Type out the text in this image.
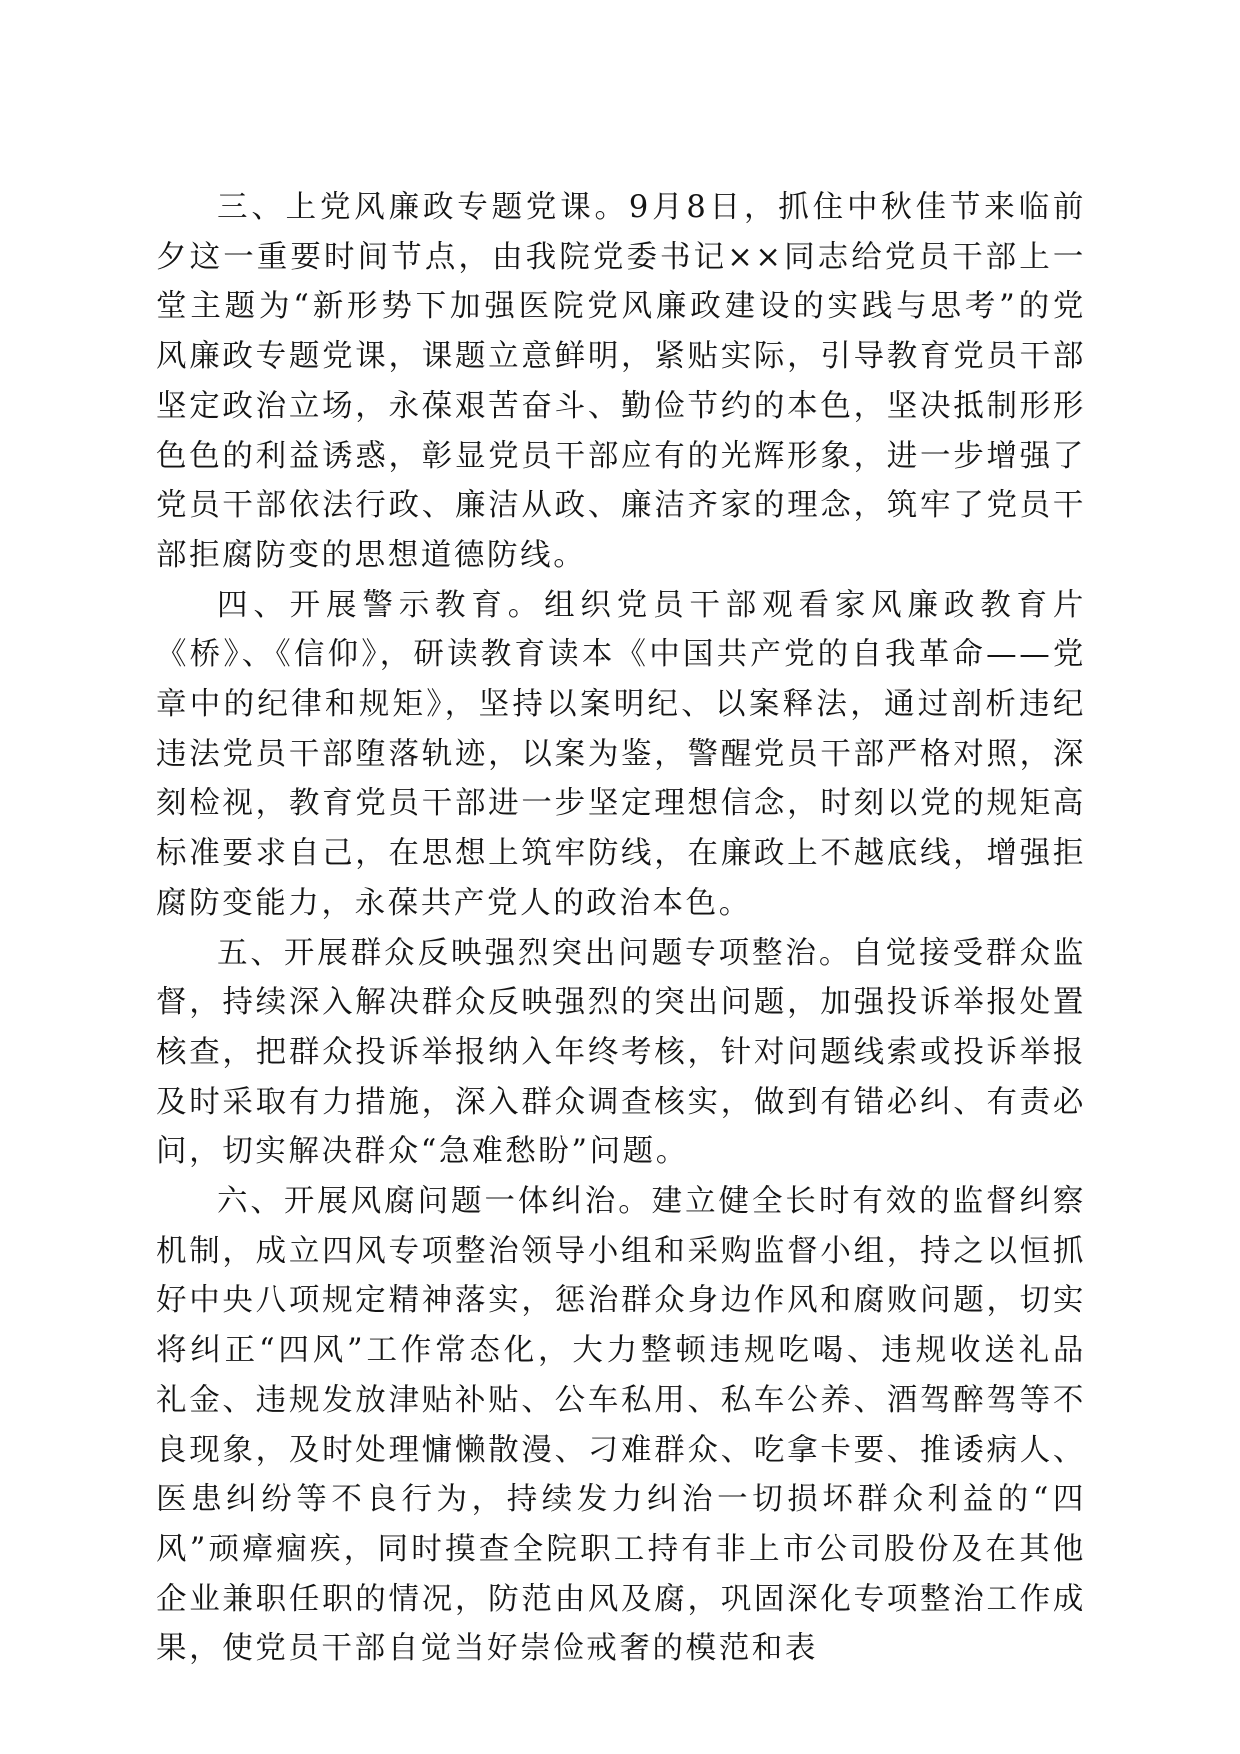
三、上党风廉政专题党课。9月8日，抓住中秋佳节来临前夕这一重要时间节点，由我院党委书记××同志给党员干部上一堂主题为“新形势下加强医院党风廉政建设的实践与思考”的党风廉政专题党课，课题立意鲜明，紧贴实际，引导教育党员干部坚定政治立场，永葆艰苦奋斗、勤俭节约的本色，坚决抵制形形色色的利益诱惑，彰显党员干部应有的光辉形象，进一步增强了党员干部依法行政、廉洁从政、廉洁齐家的理念，筑牢了党员干部拒腐防变的思想道德防线。

四、开展警示教育。组织党员干部观看家风廉政教育片《桥》、《信仰》，研读教育读本《中国共产党的自我革命——党章中的纪律和规矩》，坚持以案明纪、以案释法，通过剖析违纪违法党员干部堕落轨迹，以案为鉴，警醒党员干部严格对照，深刻检视，教育党员干部进一步坚定理想信念，时刻以党的规矩高标准要求自己，在思想上筑牢防线，在廉政上不越底线，增强拒腐防变能力，永葆共产党人的政治本色。

五、开展群众反映强烈突出问题专项整治。自觉接受群众监督，持续深入解决群众反映强烈的突出问题，加强投诉举报处置核查，把群众投诉举报纳入年终考核，针对问题线索或投诉举报及时采取有力措施，深入群众调查核实，做到有错必纠、有责必问，切实解决群众“急难愁盼”问题。

六、开展风腐问题一体纠治。建立健全长时有效的监督纠察机制，成立四风专项整治领导小组和采购监督小组，持之以恒抓好中央八项规定精神落实，惩治群众身边作风和腐败问题，切实将纠正“四风”工作常态化，大力整顿违规吃喝、违规收送礼品礼金、违规发放津贴补贴、公车私用、私车公养、酒驾醉驾等不良现象，及时处理慵懒散漫、刁难群众、吃拿卡要、推诿病人、医患纠纷等不良行为，持续发力纠治一切损坏群众利益的“四风”顽瘴痼疾，同时摸查全院职工持有非上市公司股份及在其他企业兼职任职的情况，防范由风及腐，巩固深化专项整治工作成果，使党员干部自觉当好崇俭戒奢的模范和表
